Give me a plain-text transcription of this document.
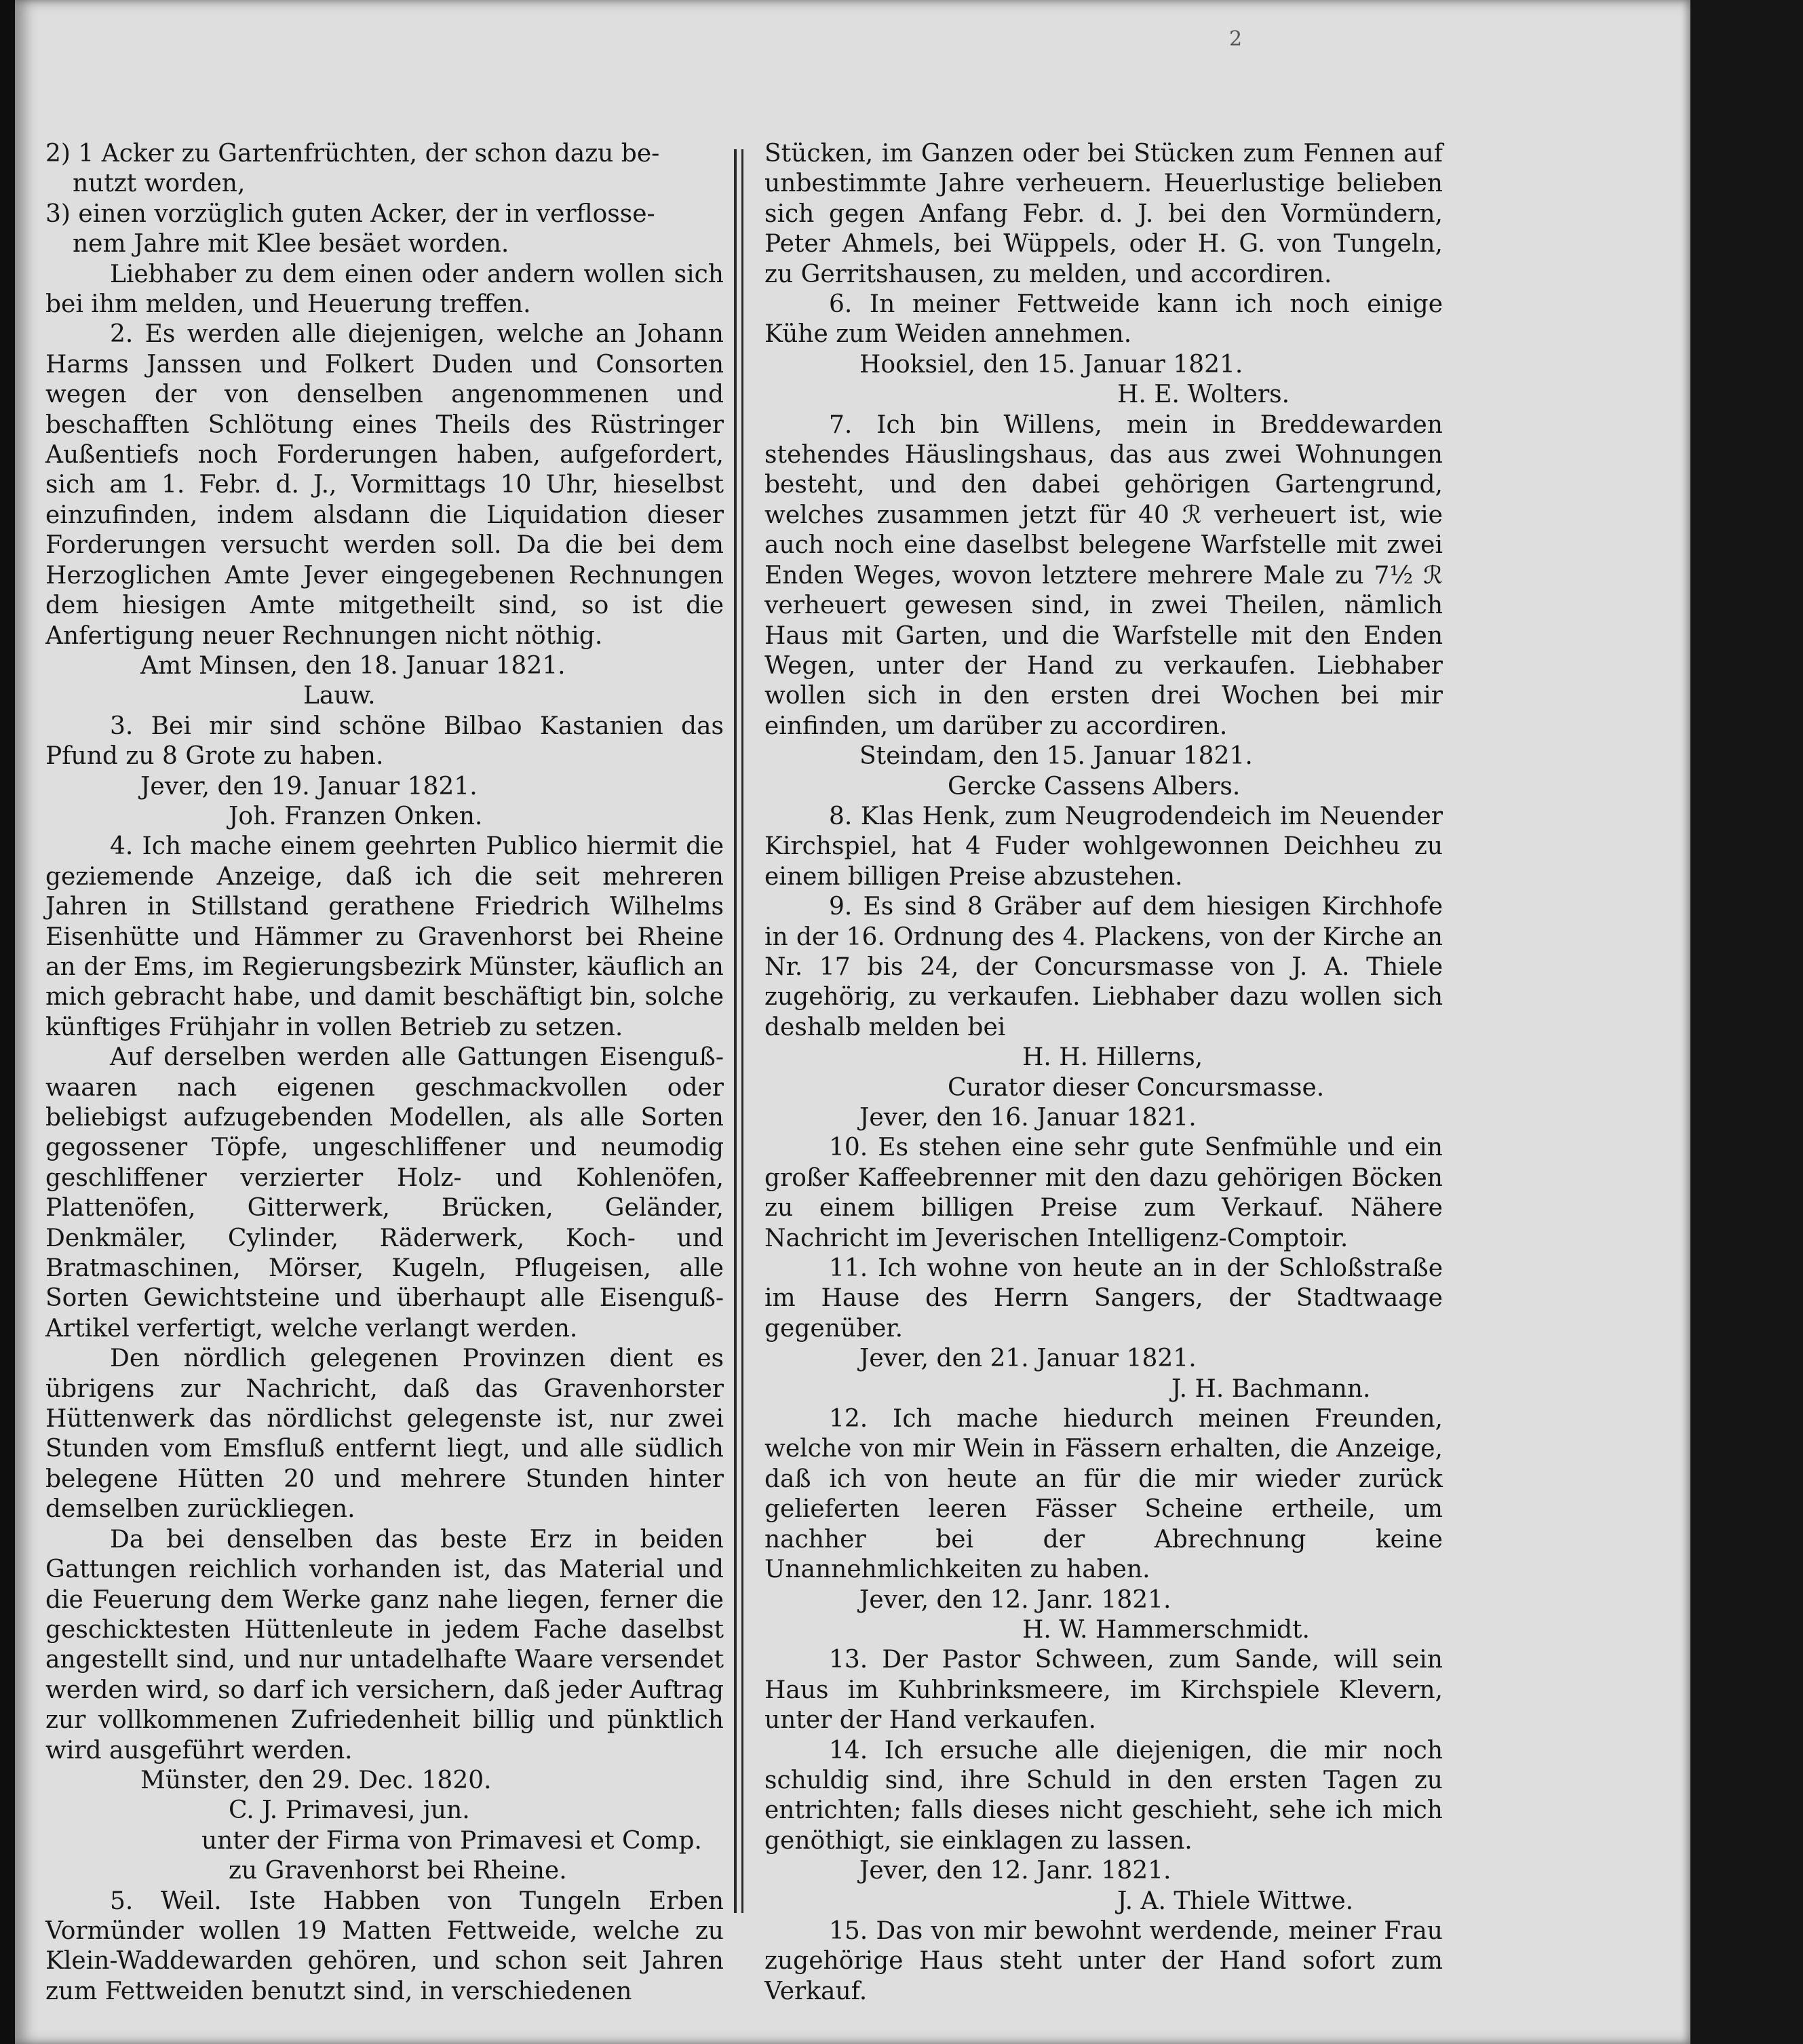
2

2) 1 Acker zu Gartenfrüchten, der schon dazu be-

nutzt worden,

3) einen vorzüglich guten Acker, der in verflosse-

nem Jahre mit Klee besäet worden.

Liebhaber zu dem einen oder andern wollen sich bei ihm melden, und Heuerung treffen.

2. Es werden alle diejenigen, welche an Johann Harms Janssen und Folkert Duden und Consorten wegen der von denselben angenommenen und beschafften Schlötung eines Theils des Rüstringer Außentiefs noch Forderungen haben, aufgefordert, sich am 1. Febr. d. J., Vormittags 10 Uhr, hieselbst einzufinden, indem alsdann die Liquidation dieser Forderungen versucht werden soll. Da die bei dem Herzoglichen Amte Jever eingegebenen Rechnungen dem hiesigen Amte mitgetheilt sind, so ist die Anfertigung neuer Rechnungen nicht nöthig.

Amt Minsen, den 18. Januar 1821.

Lauw.

3. Bei mir sind schöne Bilbao Kastanien das Pfund zu 8 Grote zu haben.

Jever, den 19. Januar 1821.

Joh. Franzen Onken.

4. Ich mache einem geehrten Publico hiermit die geziemende Anzeige, daß ich die seit mehreren Jahren in Stillstand gerathene Friedrich Wilhelms Eisenhütte und Hämmer zu Gravenhorst bei Rheine an der Ems, im Regierungsbezirk Münster, käuflich an mich gebracht habe, und damit beschäftigt bin, solche künftiges Frühjahr in vollen Betrieb zu setzen.

Auf derselben werden alle Gattungen Eisenguß-waaren nach eigenen geschmackvollen oder beliebigst aufzugebenden Modellen, als alle Sorten gegossener Töpfe, ungeschliffener und neumodig geschliffener verzierter Holz- und Kohlenöfen, Plattenöfen, Gitterwerk, Brücken, Geländer, Denkmäler, Cylinder, Räderwerk, Koch- und Bratmaschinen, Mörser, Kugeln, Pflugeisen, alle Sorten Gewichtsteine und überhaupt alle Eisenguß-Artikel verfertigt, welche verlangt werden.

Den nördlich gelegenen Provinzen dient es übrigens zur Nachricht, daß das Gravenhorster Hüttenwerk das nördlichst gelegenste ist, nur zwei Stunden vom Emsfluß entfernt liegt, und alle südlich belegene Hütten 20 und mehrere Stunden hinter demselben zurückliegen.

Da bei denselben das beste Erz in beiden Gattungen reichlich vorhanden ist, das Material und die Feuerung dem Werke ganz nahe liegen, ferner die geschicktesten Hüttenleute in jedem Fache daselbst angestellt sind, und nur untadelhafte Waare versendet werden wird, so darf ich versichern, daß jeder Auftrag zur vollkommenen Zufriedenheit billig und pünktlich wird ausgeführt werden.

Münster, den 29. Dec. 1820.

C. J. Primavesi, jun.

unter der Firma von Primavesi et Comp.

zu Gravenhorst bei Rheine.

5. Weil. Iste Habben von Tungeln Erben Vormünder wollen 19 Matten Fettweide, welche zu Klein-Waddewarden gehören, und schon seit Jahren zum Fettweiden benutzt sind, in verschiedenen

Stücken, im Ganzen oder bei Stücken zum Fennen auf unbestimmte Jahre verheuern. Heuerlustige belieben sich gegen Anfang Febr. d. J. bei den Vormündern, Peter Ahmels, bei Wüppels, oder H. G. von Tungeln, zu Gerritshausen, zu melden, und accordiren.

6. In meiner Fettweide kann ich noch einige Kühe zum Weiden annehmen.

Hooksiel, den 15. Januar 1821.

H. E. Wolters.

7. Ich bin Willens, mein in Breddewarden stehendes Häuslingshaus, das aus zwei Wohnungen besteht, und den dabei gehörigen Gartengrund, welches zusammen jetzt für 40 ℛ verheuert ist, wie auch noch eine daselbst belegene Warfstelle mit zwei Enden Weges, wovon letztere mehrere Male zu 7½ ℛ verheuert gewesen sind, in zwei Theilen, nämlich Haus mit Garten, und die Warfstelle mit den Enden Wegen, unter der Hand zu verkaufen. Liebhaber wollen sich in den ersten drei Wochen bei mir einfinden, um darüber zu accordiren.

Steindam, den 15. Januar 1821.

Gercke Cassens Albers.

8. Klas Henk, zum Neugrodendeich im Neuender Kirchspiel, hat 4 Fuder wohlgewonnen Deichheu zu einem billigen Preise abzustehen.

9. Es sind 8 Gräber auf dem hiesigen Kirchhofe in der 16. Ordnung des 4. Plackens, von der Kirche an Nr. 17 bis 24, der Concursmasse von J. A. Thiele zugehörig, zu verkaufen. Liebhaber dazu wollen sich deshalb melden bei

H. H. Hillerns,

Curator dieser Concursmasse.

Jever, den 16. Januar 1821.

10. Es stehen eine sehr gute Senfmühle und ein großer Kaffeebrenner mit den dazu gehörigen Böcken zu einem billigen Preise zum Verkauf. Nähere Nachricht im Jeverischen Intelligenz-Comptoir.

11. Ich wohne von heute an in der Schloßstraße im Hause des Herrn Sangers, der Stadtwaage gegenüber.

Jever, den 21. Januar 1821.

J. H. Bachmann.

12. Ich mache hiedurch meinen Freunden, welche von mir Wein in Fässern erhalten, die Anzeige, daß ich von heute an für die mir wieder zurück gelieferten leeren Fässer Scheine ertheile, um nachher bei der Abrechnung keine Unannehmlichkeiten zu haben.

Jever, den 12. Janr. 1821.

H. W. Hammerschmidt.

13. Der Pastor Schween, zum Sande, will sein Haus im Kuhbrinksmeere, im Kirchspiele Klevern, unter der Hand verkaufen.

14. Ich ersuche alle diejenigen, die mir noch schuldig sind, ihre Schuld in den ersten Tagen zu entrichten; falls dieses nicht geschieht, sehe ich mich genöthigt, sie einklagen zu lassen.

Jever, den 12. Janr. 1821.

J. A. Thiele Wittwe.

15. Das von mir bewohnt werdende, meiner Frau zugehörige Haus steht unter der Hand sofort zum Verkauf.
